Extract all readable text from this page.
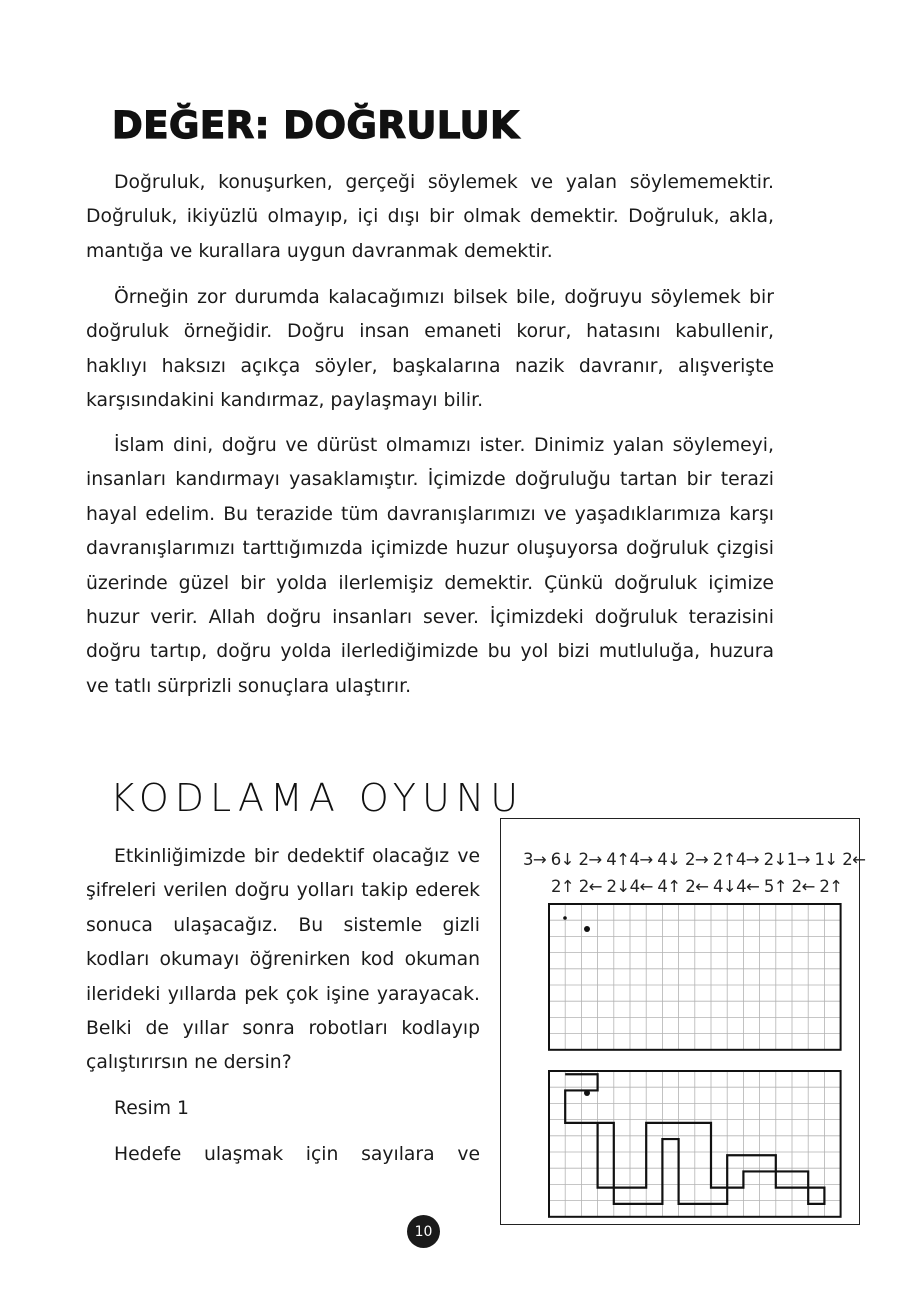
DEĞER: DOĞRULUK

Doğruluk, konuşurken, gerçeği söylemek ve yalan söylememektir. Doğruluk, ikiyüzlü olmayıp, içi dışı bir olmak demektir. Doğruluk, aklа, mantığa ve kurallara uygun davranmak demektir.

Örneğin zor durumda kalacağımızı bilsek bile, doğruyu söylemek bir doğruluk örneğidir. Doğru insan emaneti korur, hatasını kabullenir, haklıyı haksızı açıkça söyler, başkalarına nazik davranır, alışverişte karşısındakini kandırmaz, paylaşmayı bilir.

İslam dini, doğru ve dürüst olmamızı ister. Dinimiz yalan söylemeyi, insanları kandırmayı yasaklamıştır. İçimizde doğruluğu tartan bir terazi hayal edelim. Bu terazide tüm davranışlarımızı ve yaşadıklarımıza karşı davranışlarımızı tarttığımızda içimizde huzur oluşuyorsa doğruluk çizgisi üzerinde güzel bir yolda ilerlemişiz demektir. Çünkü doğruluk içimize huzur verir. Allah doğru insanları sever. İçimizdeki doğruluk terazisini doğru tartıp, doğru yolda ilerlediğimizde bu yol bizi mutluluğa, huzura ve tatlı sürprizli sonuçlara ulaştırır.

KODLAMA OYUNU

Etkinliğimizde bir dedektif olacağız ve şifreleri verilen doğru yolları takip ederek sonuca ulaşacağız. Bu sistemle gizli kodları okumayı öğrenirken kod okuman ilerideki yıllarda pek çok işine yarayacak. Belki de yıllar sonra robotları kodlayıp çalıştırırsın ne dersin?

Resim 1

Hedefe ulaşmak için sayılara ve

3→ 6↓ 2→ 4↑4→ 4↓ 2→ 2↑4→ 2↓1→ 1↓ 2←
2↑ 2← 2↓4← 4↑ 2← 4↓4← 5↑ 2← 2↑
10
